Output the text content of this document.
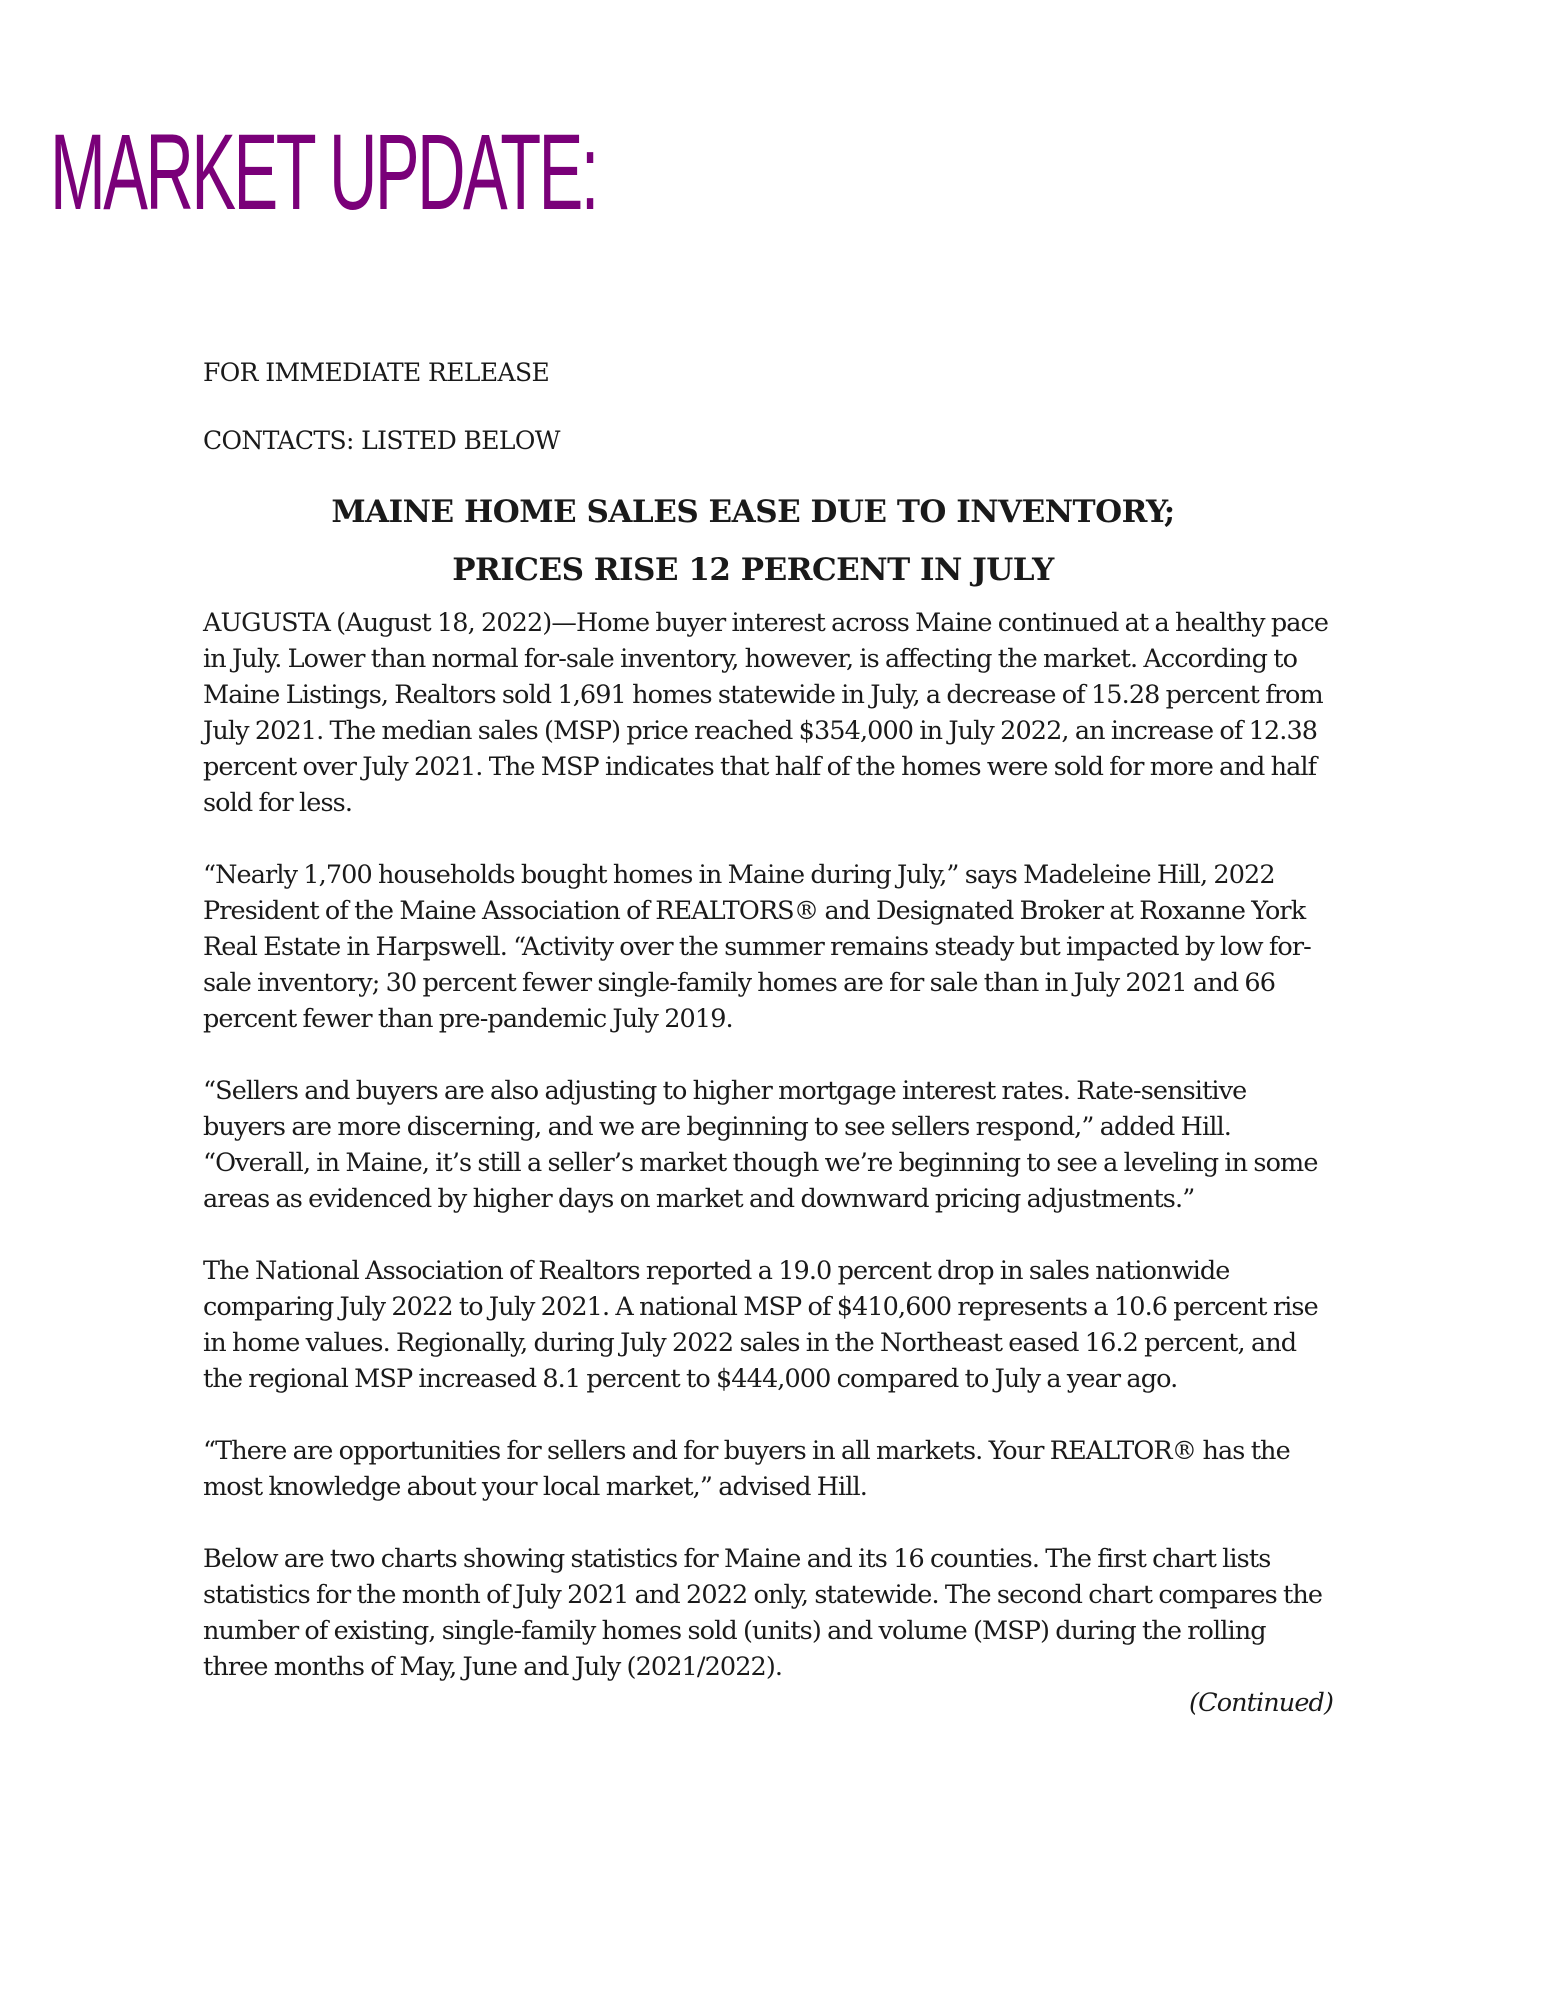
MARKET UPDATE:

FOR IMMEDIATE RELEASE

CONTACTS: LISTED BELOW

MAINE HOME SALES EASE DUE TO INVENTORY;

PRICES RISE 12 PERCENT IN JULY

AUGUSTA (August 18, 2022)—Home buyer interest across Maine continued at a healthy pace in July. Lower than normal for-sale inventory, however, is affecting the market. According to Maine Listings, Realtors sold 1,691 homes statewide in July, a decrease of 15.28 percent from July 2021. The median sales (MSP) price reached $354,000 in July 2022, an increase of 12.38 percent over July 2021. The MSP indicates that half of the homes were sold for more and half sold for less.

“Nearly 1,700 households bought homes in Maine during July,” says Madeleine Hill, 2022 President of the Maine Association of REALTORS® and Designated Broker at Roxanne York Real Estate in Harpswell. “Activity over the summer remains steady but impacted by low for-sale inventory; 30 percent fewer single-family homes are for sale than in July 2021 and 66 percent fewer than pre-pandemic July 2019.

“Sellers and buyers are also adjusting to higher mortgage interest rates. Rate-sensitive buyers are more discerning, and we are beginning to see sellers respond,” added Hill. “Overall, in Maine, it’s still a seller’s market though we’re beginning to see a leveling in some areas as evidenced by higher days on market and downward pricing adjustments.”

The National Association of Realtors reported a 19.0 percent drop in sales nationwide comparing July 2022 to July 2021. A national MSP of $410,600 represents a 10.6 percent rise in home values. Regionally, during July 2022 sales in the Northeast eased 16.2 percent, and the regional MSP increased 8.1 percent to $444,000 compared to July a year ago.

“There are opportunities for sellers and for buyers in all markets. Your REALTOR® has the most knowledge about your local market,” advised Hill.

Below are two charts showing statistics for Maine and its 16 counties. The first chart lists statistics for the month of July 2021 and 2022 only, statewide. The second chart compares the number of existing, single-family homes sold (units) and volume (MSP) during the rolling three months of May, June and July (2021/2022).

(Continued)
